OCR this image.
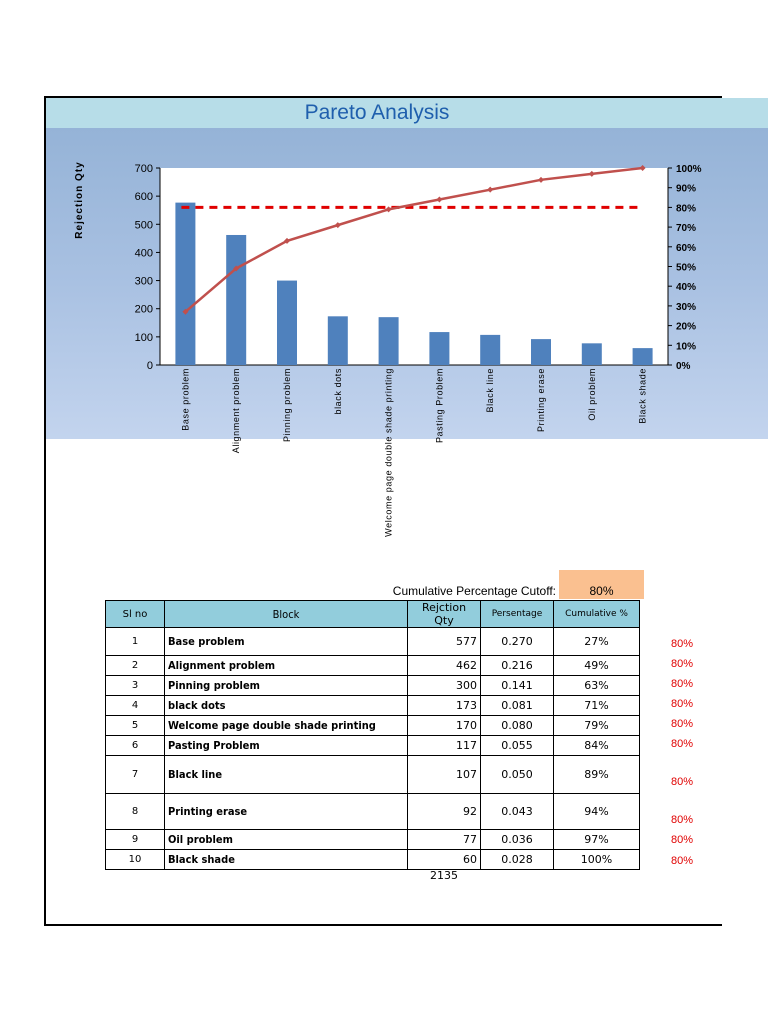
Pareto Analysis
0
100
200
300
400
500
600
700
0%
10%
20%
30%
40%
50%
60%
70%
80%
90%
100%
Rejection Qty
Base problem	Alignment problem	Pinning problem	black dots	Welcome page double shade printing	Pasting Problem	Black line	Printing erase	Oil problem	Black shade
Cumulative Percentage Cutoff:	80%
Sl no	Block	Rejction Qty	Persentage	Cumulative %
1	Base problem	577	0.270	27%
2	Alignment problem	462	0.216	49%
3	Pinning problem	300	0.141	63%
4	black dots	173	0.081	71%
5	Welcome page double shade printing	170	0.080	79%
6	Pasting Problem	117	0.055	84%
7	Black line	107	0.050	89%
8	Printing erase	92	0.043	94%
9	Oil problem	77	0.036	97%
10	Black shade	60	0.028	100%
80%
80%
80%
80%
80%
80%
80%
80%
80%
80%
2135
